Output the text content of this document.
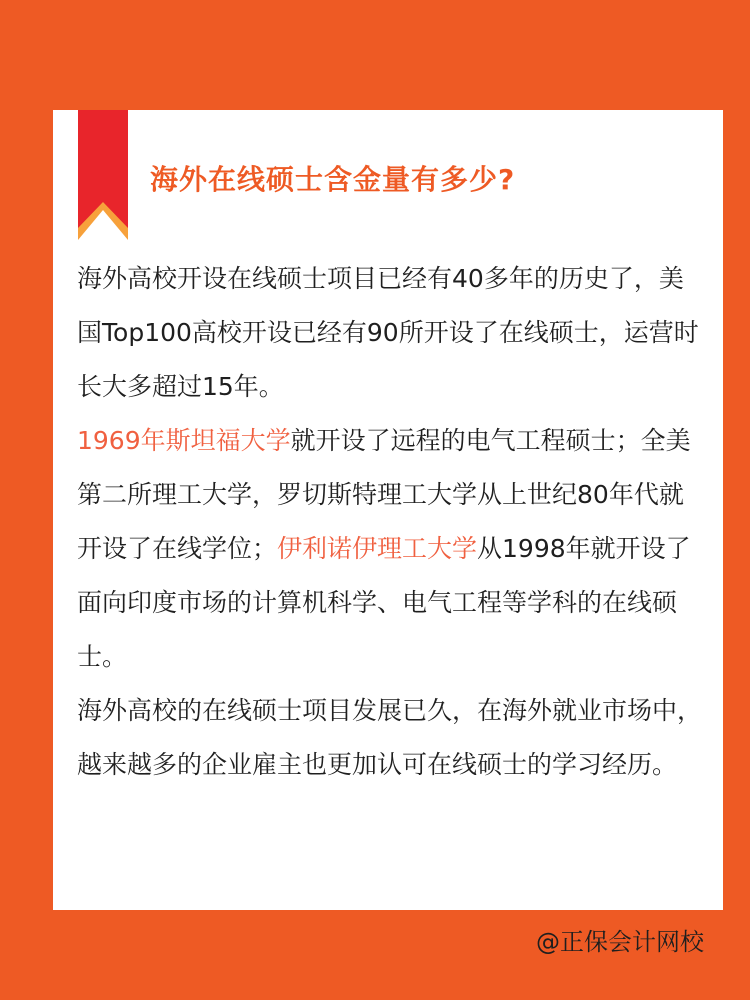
海外在线硕士含金量有多少?

海外高校开设在线硕士项目已经有40多年的历史了，美国Top100高校开设已经有90所开设了在线硕士，运营时长大多超过15年。

1969年斯坦福大学就开设了远程的电气工程硕士；全美第二所理工大学，罗切斯特理工大学从上世纪80年代就开设了在线学位；伊利诺伊理工大学从1998年就开设了面向印度市场的计算机科学、电气工程等学科的在线硕士。

海外高校的在线硕士项目发展已久，在海外就业市场中，越来越多的企业雇主也更加认可在线硕士的学习经历。

@正保会计网校
